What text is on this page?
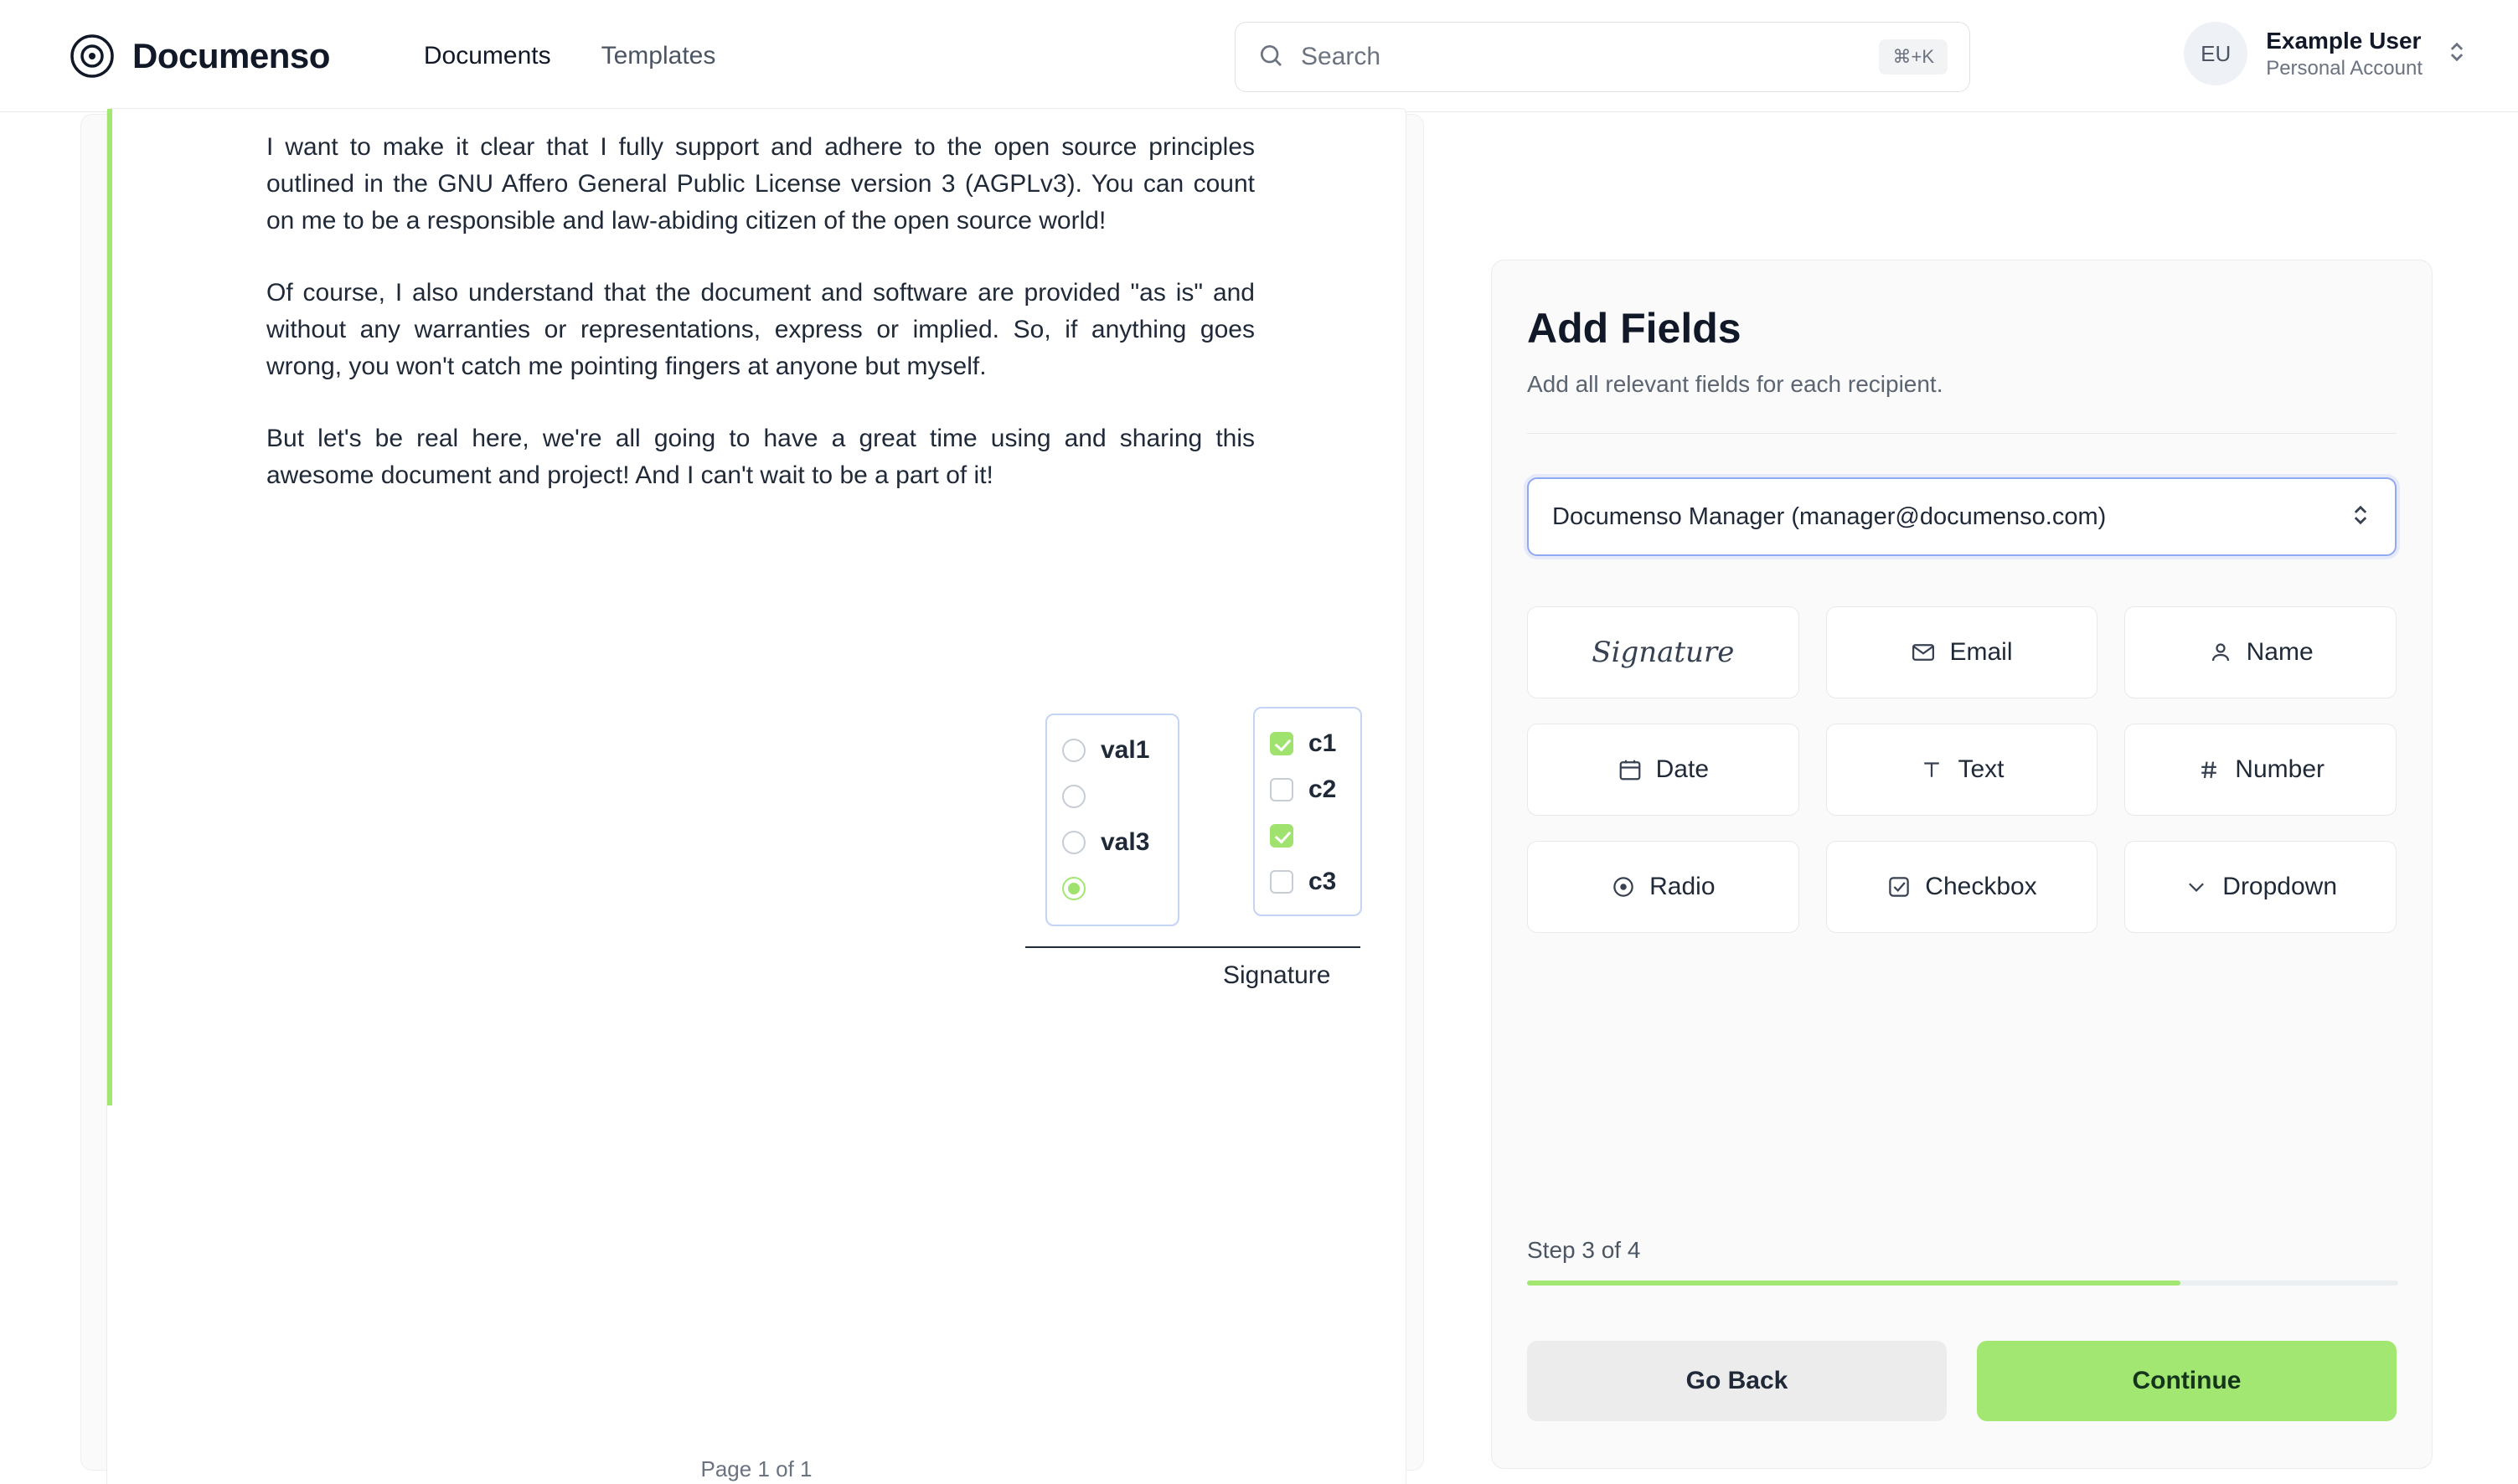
Documenso	Documents Templates	Search	⌘+K	EU	Example User
Personal Account

I want to make it clear that I fully support and adhere to the open source principles outlined in the GNU Affero General Public License version 3 (AGPLv3). You can count on me to be a responsible and law-abiding citizen of the open source world!

Of course, I also understand that the document and software are provided "as is" and without any warranties or representations, express or implied. So, if anything goes wrong, you won't catch me pointing fingers at anyone but myself.

But let's be real here, we're all going to have a great time using and sharing this awesome document and project! And I can't wait to be a part of it!

val1
val3
c1
c2
c3
Signature
Page 1 of 1
Add Fields
Add all relevant fields for each recipient.
Documenso Manager (manager@documenso.com)
Signature	Email	Name
Date	Text	Number
Radio	Checkbox	Dropdown
Step 3 of 4
Go Back	Continue
